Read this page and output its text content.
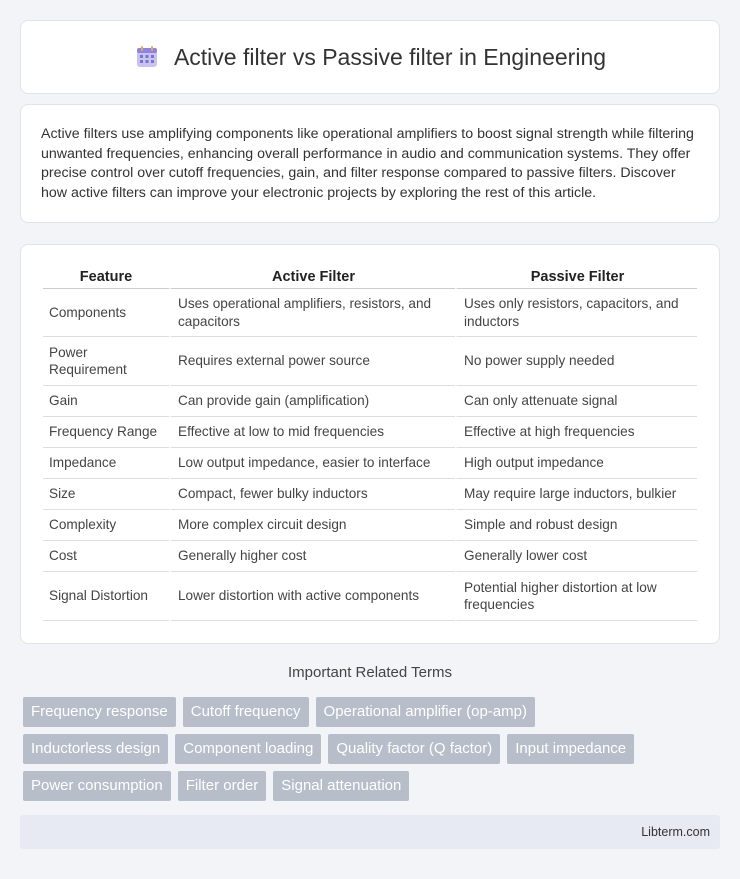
Active filter vs Passive filter in Engineering

Active filters use amplifying components like operational amplifiers to boost signal strength while filtering unwanted frequencies, enhancing overall performance in audio and communication systems. They offer precise control over cutoff frequencies, gain, and filter response compared to passive filters. Discover how active filters can improve your electronic projects by exploring the rest of this article.

Feature	Active Filter	Passive Filter
Components	Uses operational amplifiers, resistors, and capacitors	Uses only resistors, capacitors, and inductors
Power Requirement	Requires external power source	No power supply needed
Gain	Can provide gain (amplification)	Can only attenuate signal
Frequency Range	Effective at low to mid frequencies	Effective at high frequencies
Impedance	Low output impedance, easier to interface	High output impedance
Size	Compact, fewer bulky inductors	May require large inductors, bulkier
Complexity	More complex circuit design	Simple and robust design
Cost	Generally higher cost	Generally lower cost
Signal Distortion	Lower distortion with active components	Potential higher distortion at low frequencies
Important Related Terms
Frequency response	Cutoff frequency	Operational amplifier (op-amp)
Inductorless design	Component loading	Quality factor (Q factor)	Input impedance
Power consumption	Filter order	Signal attenuation
Libterm.com
